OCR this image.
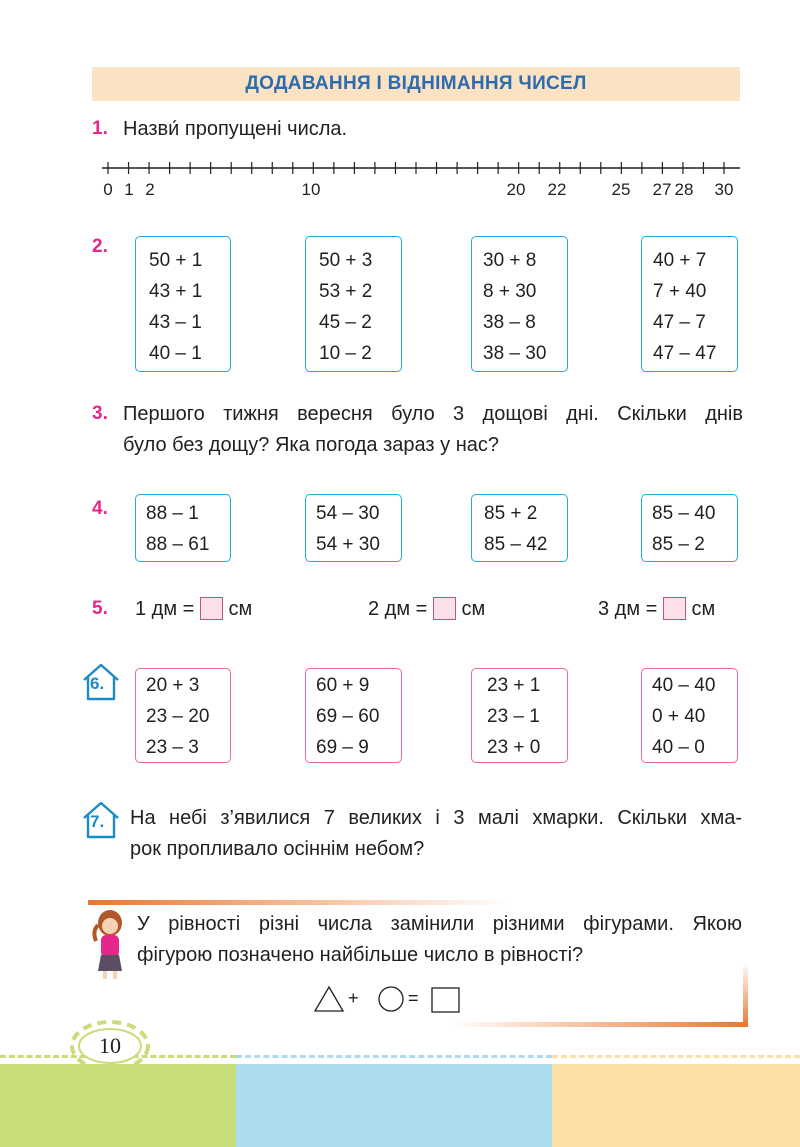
ДОДАВАННЯ І ВІДНІМАННЯ ЧИСЕЛ
1. Назви́ пропущені числа.
0 1 2	10	20 22	25 27 28 30
2.
50 + 1
43 + 1
43 – 1
40 – 1
50 + 3
53 + 2
45 – 2
10 – 2
30 + 8
8 + 30
38 – 8
38 – 30
40 + 7
7 + 40
47 – 7
47 – 47
3. Першого тижня вересня було 3 дощові дні. Скільки днів
було без дощу? Яка погода зараз у нас?
4. 88 – 1
88 – 61
54 – 30
54 + 30
85 + 2
85 – 42
85 – 40
85 – 2
5. 1 дм = см	2 дм = см	3 дм = см
6. 20 + 3
23 – 20
23 – 3
60 + 9
69 – 60
69 – 9
23 + 1
23 – 1
23 + 0
40 – 40
0 + 40
40 – 0
7. На небі з’явилися 7 великих і 3 малі хмарки. Скільки хма-
рок пропливало осіннім небом?
У рівності різні числа замінили різними фігурами. Якою
фігурою позначено найбільше число в рівності?
+	=
10
